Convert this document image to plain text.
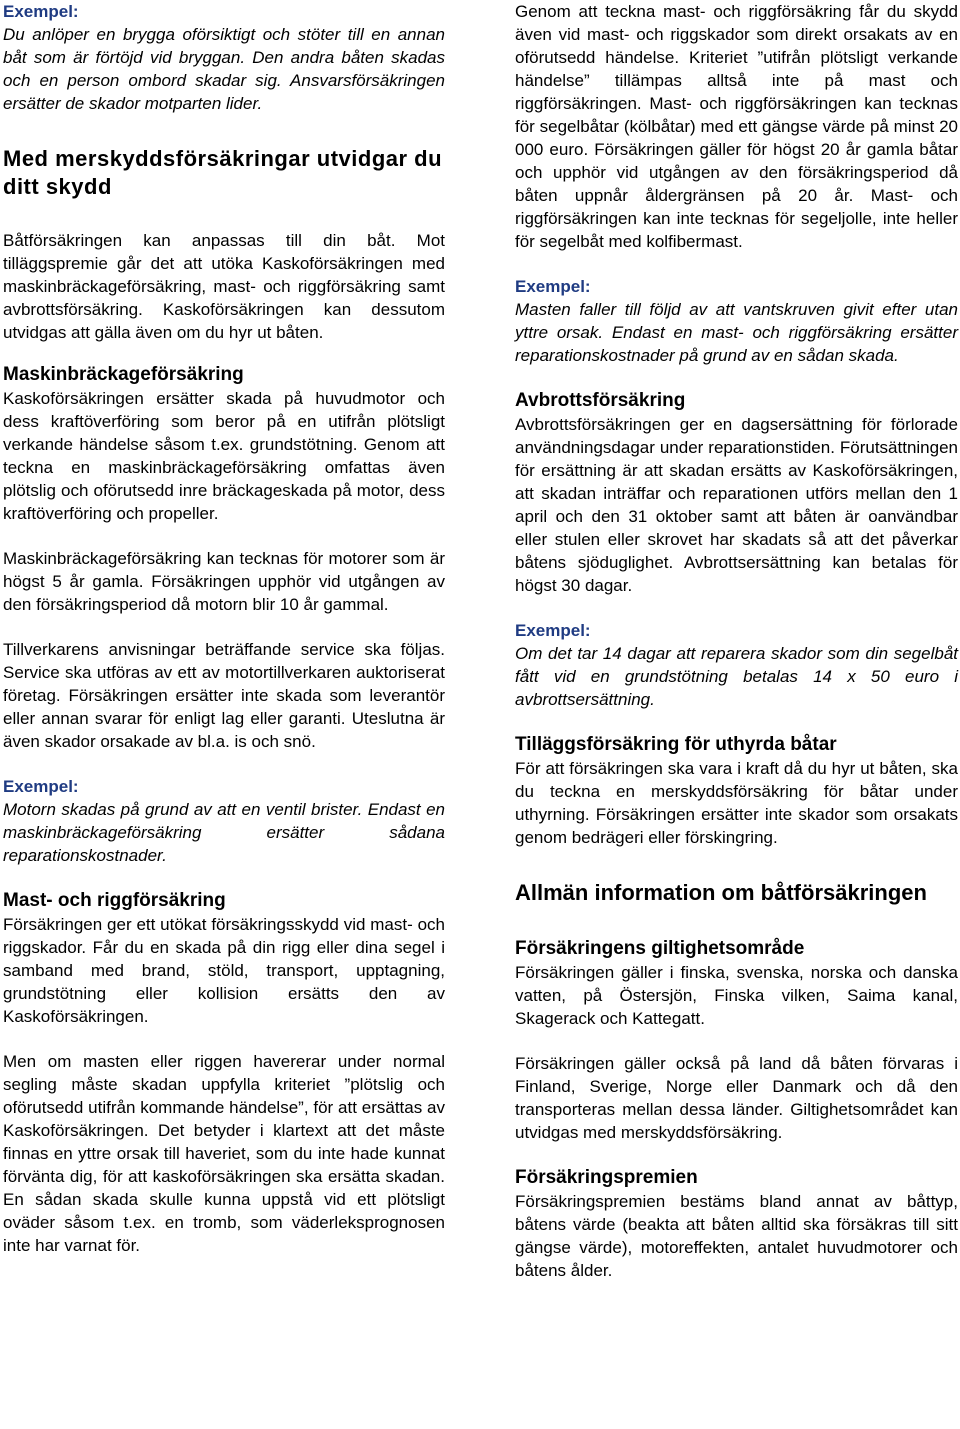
Exempel:

Du anlöper en brygga oförsiktigt och stöter till en annan båt som är förtöjd vid bryggan. Den andra båten skadas och en person ombord skadar sig. Ansvarsförsäkringen ersätter de skador motparten lider.

Med merskyddsförsäkringar utvidgar du ditt skydd

Båtförsäkringen kan anpassas till din båt. Mot tilläggspremie går det att utöka Kaskoförsäkringen med maskinbräckageförsäkring, mast- och riggförsäkring samt avbrottsförsäkring. Kaskoförsäkringen kan dessutom utvidgas att gälla även om du hyr ut båten.

Maskinbräckageförsäkring

Kaskoförsäkringen ersätter skada på huvudmotor och dess kraftöverföring som beror på en utifrån plötsligt verkande händelse såsom t.ex. grundstötning. Genom att teckna en maskinbräckageförsäkring omfattas även plötslig och oförutsedd inre bräckageskada på motor, dess kraftöverföring och propeller.

Maskinbräckageförsäkring kan tecknas för motorer som är högst 5 år gamla. Försäkringen upphör vid utgången av den försäkringsperiod då motorn blir 10 år gammal.

Tillverkarens anvisningar beträffande service ska följas. Service ska utföras av ett av motortillverkaren auktoriserat företag. Försäkringen ersätter inte skada som leverantör eller annan svarar för enligt lag eller garanti. Uteslutna är även skador orsakade av bl.a. is och snö.

Exempel:

Motorn skadas på grund av att en ventil brister. Endast en maskinbräckageförsäkring ersätter sådana reparationskostnader.

Mast- och riggförsäkring

Försäkringen ger ett utökat försäkringsskydd vid mast- och riggskador. Får du en skada på din rigg eller dina segel i samband med brand, stöld, transport, upptagning, grundstötning eller kollision ersätts den av Kaskoförsäkringen.

Men om masten eller riggen havererar under normal segling måste skadan uppfylla kriteriet ”plötslig och oförutsedd utifrån kommande händelse”, för att ersättas av Kaskoförsäkringen. Det betyder i klartext att det måste finnas en yttre orsak till haveriet, som du inte hade kunnat förvänta dig, för att kaskoförsäkringen ska ersätta skadan. En sådan skada skulle kunna uppstå vid ett plötsligt oväder såsom t.ex. en tromb, som väderleksprognosen inte har varnat för.

Genom att teckna mast- och riggförsäkring får du skydd även vid mast- och riggskador som direkt orsakats av en oförutsedd händelse. Kriteriet ”utifrån plötsligt verkande händelse” tillämpas alltså inte på mast och riggförsäkringen. Mast- och riggförsäkringen kan tecknas för segelbåtar (kölbåtar) med ett gängse värde på minst 20 000 euro. Försäkringen gäller för högst 20 år gamla båtar och upphör vid utgången av den försäkringsperiod då båten uppnår åldergränsen på 20 år. Mast- och riggförsäkringen kan inte tecknas för segeljolle, inte heller för segelbåt med kolfibermast.

Exempel:

Masten faller till följd av att vantskruven givit efter utan yttre orsak. Endast en mast- och riggförsäkring ersätter reparationskostnader på grund av en sådan skada.

Avbrottsförsäkring

Avbrottsförsäkringen ger en dagsersättning för förlorade användningsdagar under reparationstiden. Förutsättningen för ersättning är att skadan ersätts av Kaskoförsäkringen, att skadan inträffar och reparationen utförs mellan den 1 april och den 31 oktober samt att båten är oanvändbar eller stulen eller skrovet har skadats så att det påverkar båtens sjöduglighet. Avbrottsersättning kan betalas för högst 30 dagar.

Exempel:

Om det tar 14 dagar att reparera skador som din segelbåt fått vid en grundstötning betalas 14 x 50 euro i avbrottsersättning.

Tilläggsförsäkring för uthyrda båtar

För att försäkringen ska vara i kraft då du hyr ut båten, ska du teckna en merskyddsförsäkring för båtar under uthyrning. Försäkringen ersätter inte skador som orsakats genom bedrägeri eller förskingring.

Allmän information om båtförsäkringen
Försäkringens giltighetsområde

Försäkringen gäller i finska, svenska, norska och danska vatten, på Östersjön, Finska vilken, Saima kanal, Skagerack och Kattegatt.

Försäkringen gäller också på land då båten förvaras i Finland, Sverige, Norge eller Danmark och då den transporteras mellan dessa länder. Giltighetsområdet kan utvidgas med merskyddsförsäkring.

Försäkringspremien

Försäkringspremien bestäms bland annat av båttyp, båtens värde (beakta att båten alltid ska försäkras till sitt gängse värde), motoreffekten, antalet huvudmotorer och båtens ålder.
